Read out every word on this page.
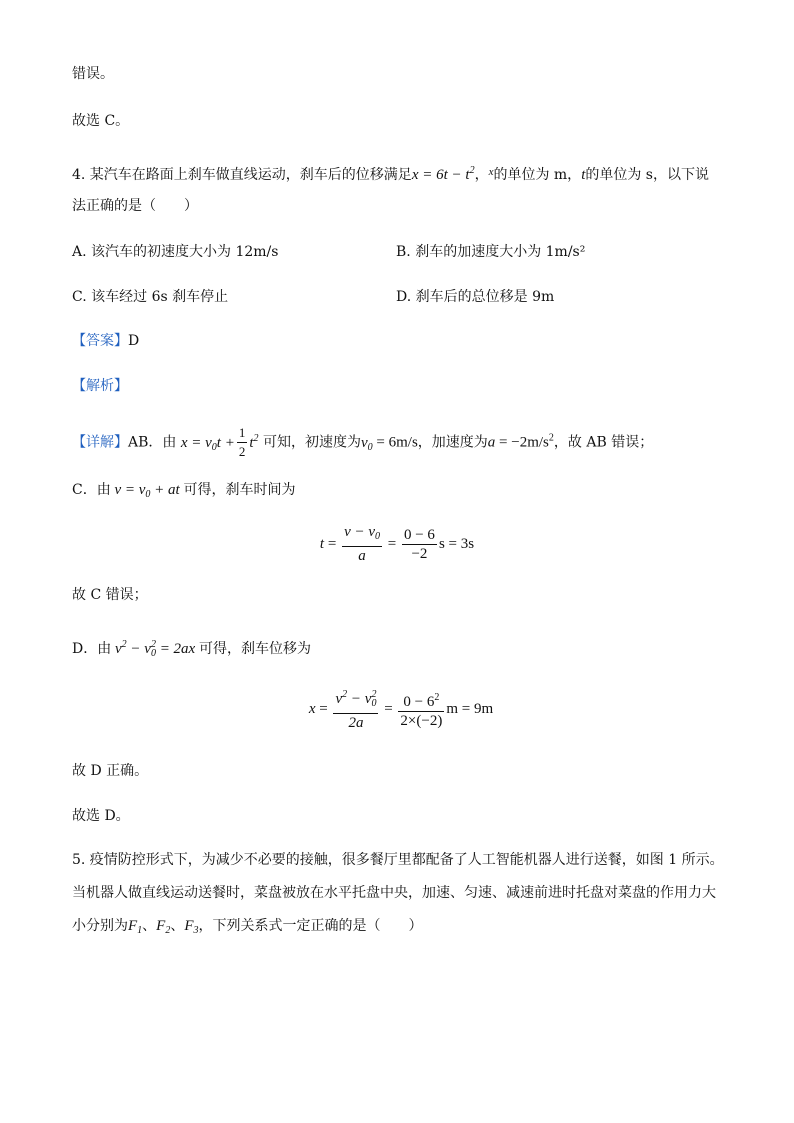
错误。
故选 C。
4. 某汽车在路面上刹车做直线运动，刹车后的位移满足$x = 6t - t^2$，$^x$的单位为 m，t的单位为 s，以下说
法正确的是（　　）
A. 该汽车的初速度大小为 12m/s	B. 刹车的加速度大小为 1m/s²
C. 该车经过 6s 刹车停止	D. 刹车后的总位移是 9m
【答案】D
【解析】
【详解】AB．由 $x = v_0t + \frac{1}{2} t^2$ 可知，初速度为$v_0 = 6m/s$，加速度为$a = -2m/s^2$，故 AB 错误；
C．由 $v = v_0$ + at 可得，刹车时间为
$t = \frac{v - v_0}{a} = \frac{0 - 6}{-2}$ s = 3s
故 C 错误；
D．由 $v^2 - v_0^2 = 2ax$ 可得，刹车位移为
$x = \frac{v^2 - v_0^2}{2a} = \frac{0 - 6^2}{2\times(-2)}$ m = 9m
故 D 正确。
故选 D。
5. 疫情防控形式下，为减少不必要的接触，很多餐厅里都配备了人工智能机器人进行送餐，如图 1 所示。
当机器人做直线运动送餐时，菜盘被放在水平托盘中央，加速、匀速、减速前进时托盘对菜盘的作用力大
小分别为$F_1$、$F_2$、$F_3$，下列关系式一定正确的是（　　）
